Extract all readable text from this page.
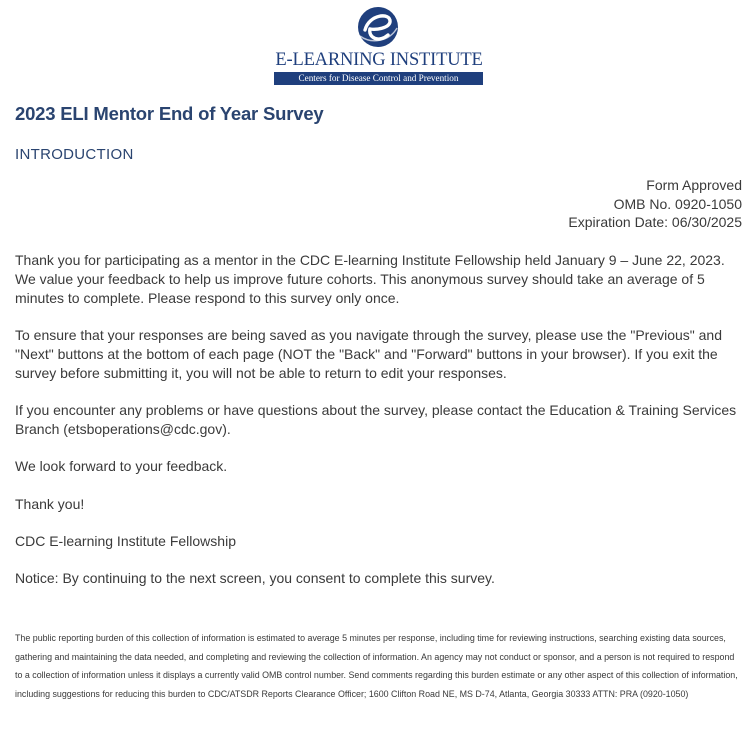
E-LEARNING INSTITUTE
Centers for Disease Control and Prevention
2023 ELI Mentor End of Year Survey
INTRODUCTION
Form Approved
OMB No. 0920-1050
Expiration Date: 06/30/2025

Thank you for participating as a mentor in the CDC E-learning Institute Fellowship held January 9 – June 22, 2023. We value your feedback to help us improve future cohorts. This anonymous survey should take an average of 5 minutes to complete. Please respond to this survey only once.

To ensure that your responses are being saved as you navigate through the survey, please use the "Previous" and "Next" buttons at the bottom of each page (NOT the "Back" and "Forward" buttons in your browser). If you exit the survey before submitting it, you will not be able to return to edit your responses.

If you encounter any problems or have questions about the survey, please contact the Education & Training Services Branch (etsboperations@cdc.gov).

We look forward to your feedback.

Thank you!

CDC E-learning Institute Fellowship

Notice: By continuing to the next screen, you consent to complete this survey.

The public reporting burden of this collection of information is estimated to average 5 minutes per response, including time for reviewing instructions, searching existing data sources, gathering and maintaining the data needed, and completing and reviewing the collection of information. An agency may not conduct or sponsor, and a person is not required to respond to a collection of information unless it displays a currently valid OMB control number. Send comments regarding this burden estimate or any other aspect of this collection of information, including suggestions for reducing this burden to CDC/ATSDR Reports Clearance Officer; 1600 Clifton Road NE, MS D-74, Atlanta, Georgia 30333 ATTN: PRA (0920-1050)
